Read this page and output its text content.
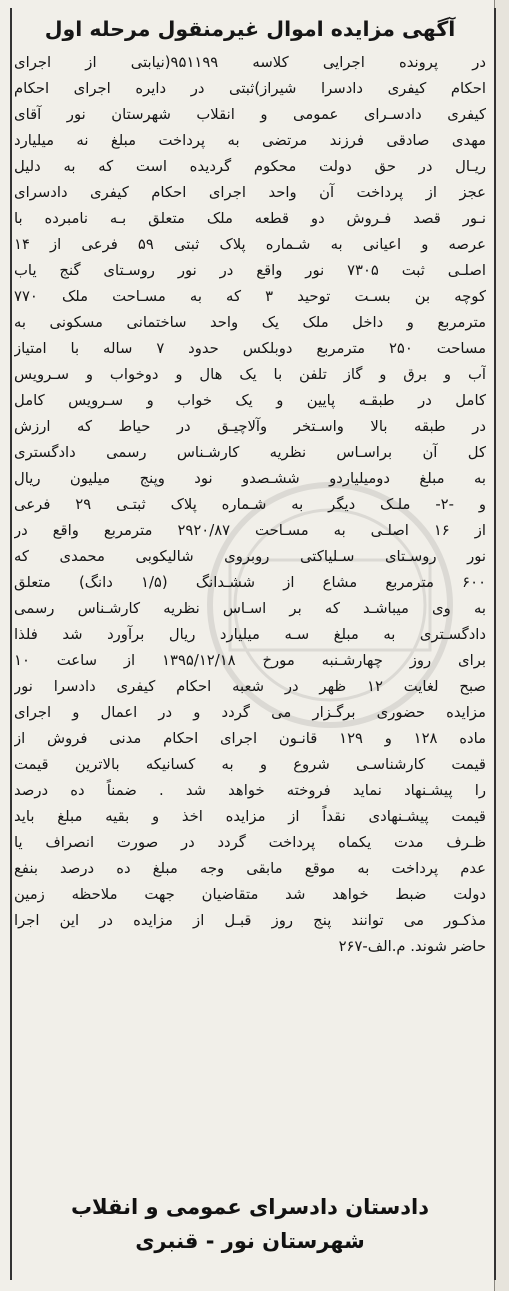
آگهی مزایده اموال غیرمنقول مرحله اول
در پرونده اجرایی کلاسه ۹۵۱۱۹۹(نیابتی از اجرای
احکام کیفری دادسرا شیراز)ثبتی در دایره اجرای احکام
کیفری دادسـرای عمومی و انقلاب شهرستان نور آقای
مهدی صادقی فرزند مرتضی به پرداخت مبلغ نه میلیارد
ریـال در حق دولت محکوم گردیده است که به دلیل
عجز از پرداخت آن واحد اجرای احکام کیفری دادسرای
نـور قصد فـروش دو قطعه ملک متعلق بـه نامبرده با
عرصه و اعیانی به شـماره پلاک ثبتی ۵۹ فرعی از ۱۴
اصلـی ثبت ۷۳۰۵ نور واقع در نور روسـتای گنج یاب
کوچه بن بسـت توحید ۳ که به مسـاحت ملک ۷۷۰
مترمربع و داخل ملک یک واحد ساختمانی مسکونی به
مساحت ۲۵۰ مترمربع دوبلکس حدود ۷ ساله با امتیاز
آب و برق و گاز تلفن با یک هال و دوخواب و سـرویس
کامل در طبقـه پایین و یک خواب و سـرویس کامل
در طبقه بالا واسـتخر وآلاچیـق در حیاط که ارزش
کل آن براسـاس نظریه کارشـناس رسمی دادگستری
به مبلغ دومیلیاردو ششـصدو نود وپنج میلیون ریال
و -۲- ملـک دیگر به شـماره پلاک ثبتـی ۲۹ فرعی
از ۱۶ اصلـی به مسـاحت ۲۹۲۰/۸۷ مترمربع واقع در
نور روسـتای سـلیاکتی روبروی شالیکوبی محمدی که
۶۰۰ مترمربع مشاع از ششـدانگ (۱/۵ دانگ) متعلق
به وی میباشـد که بر اسـاس نظریه کارشـناس رسمی
دادگسـتری به مبلغ سـه میلیارد ریال برآورد شد فلذا
برای روز چهارشـنبه مورخ ۱۳۹۵/۱۲/۱۸ از ساعت ۱۰
صبح لغایت ۱۲ ظهر در شعبه احکام کیفری دادسرا نور
مزایده حضوری برگـزار می گردد و در اعمال و اجرای
ماده ۱۲۸ و ۱۲۹ قانـون اجرای احکام مدنی فروش از
قیمت کارشناسـی شروع و به کسانیکه بالاترین قیمت
را پیشـنهاد نماید فروخته خواهد شد . ضمناً ده درصد
قیمت پیشـنهادی نقداً از مزایده اخذ و بقیه مبلغ باید
ظـرف مدت یکماه پرداخت گردد در صورت انصراف یا
عدم پرداخت به موقع مابقی وجه مبلغ ده درصد بنفع
دولت ضبط خواهد شد متقاضیان جهت ملاحظه زمین
مذکـور می توانند پنج روز قبـل از مزایده در این اجرا
حاضر شوند. م.الف-۲۶۷
دادستان دادسرای عمومی و انقلاب
شهرستان نور - قنبری
